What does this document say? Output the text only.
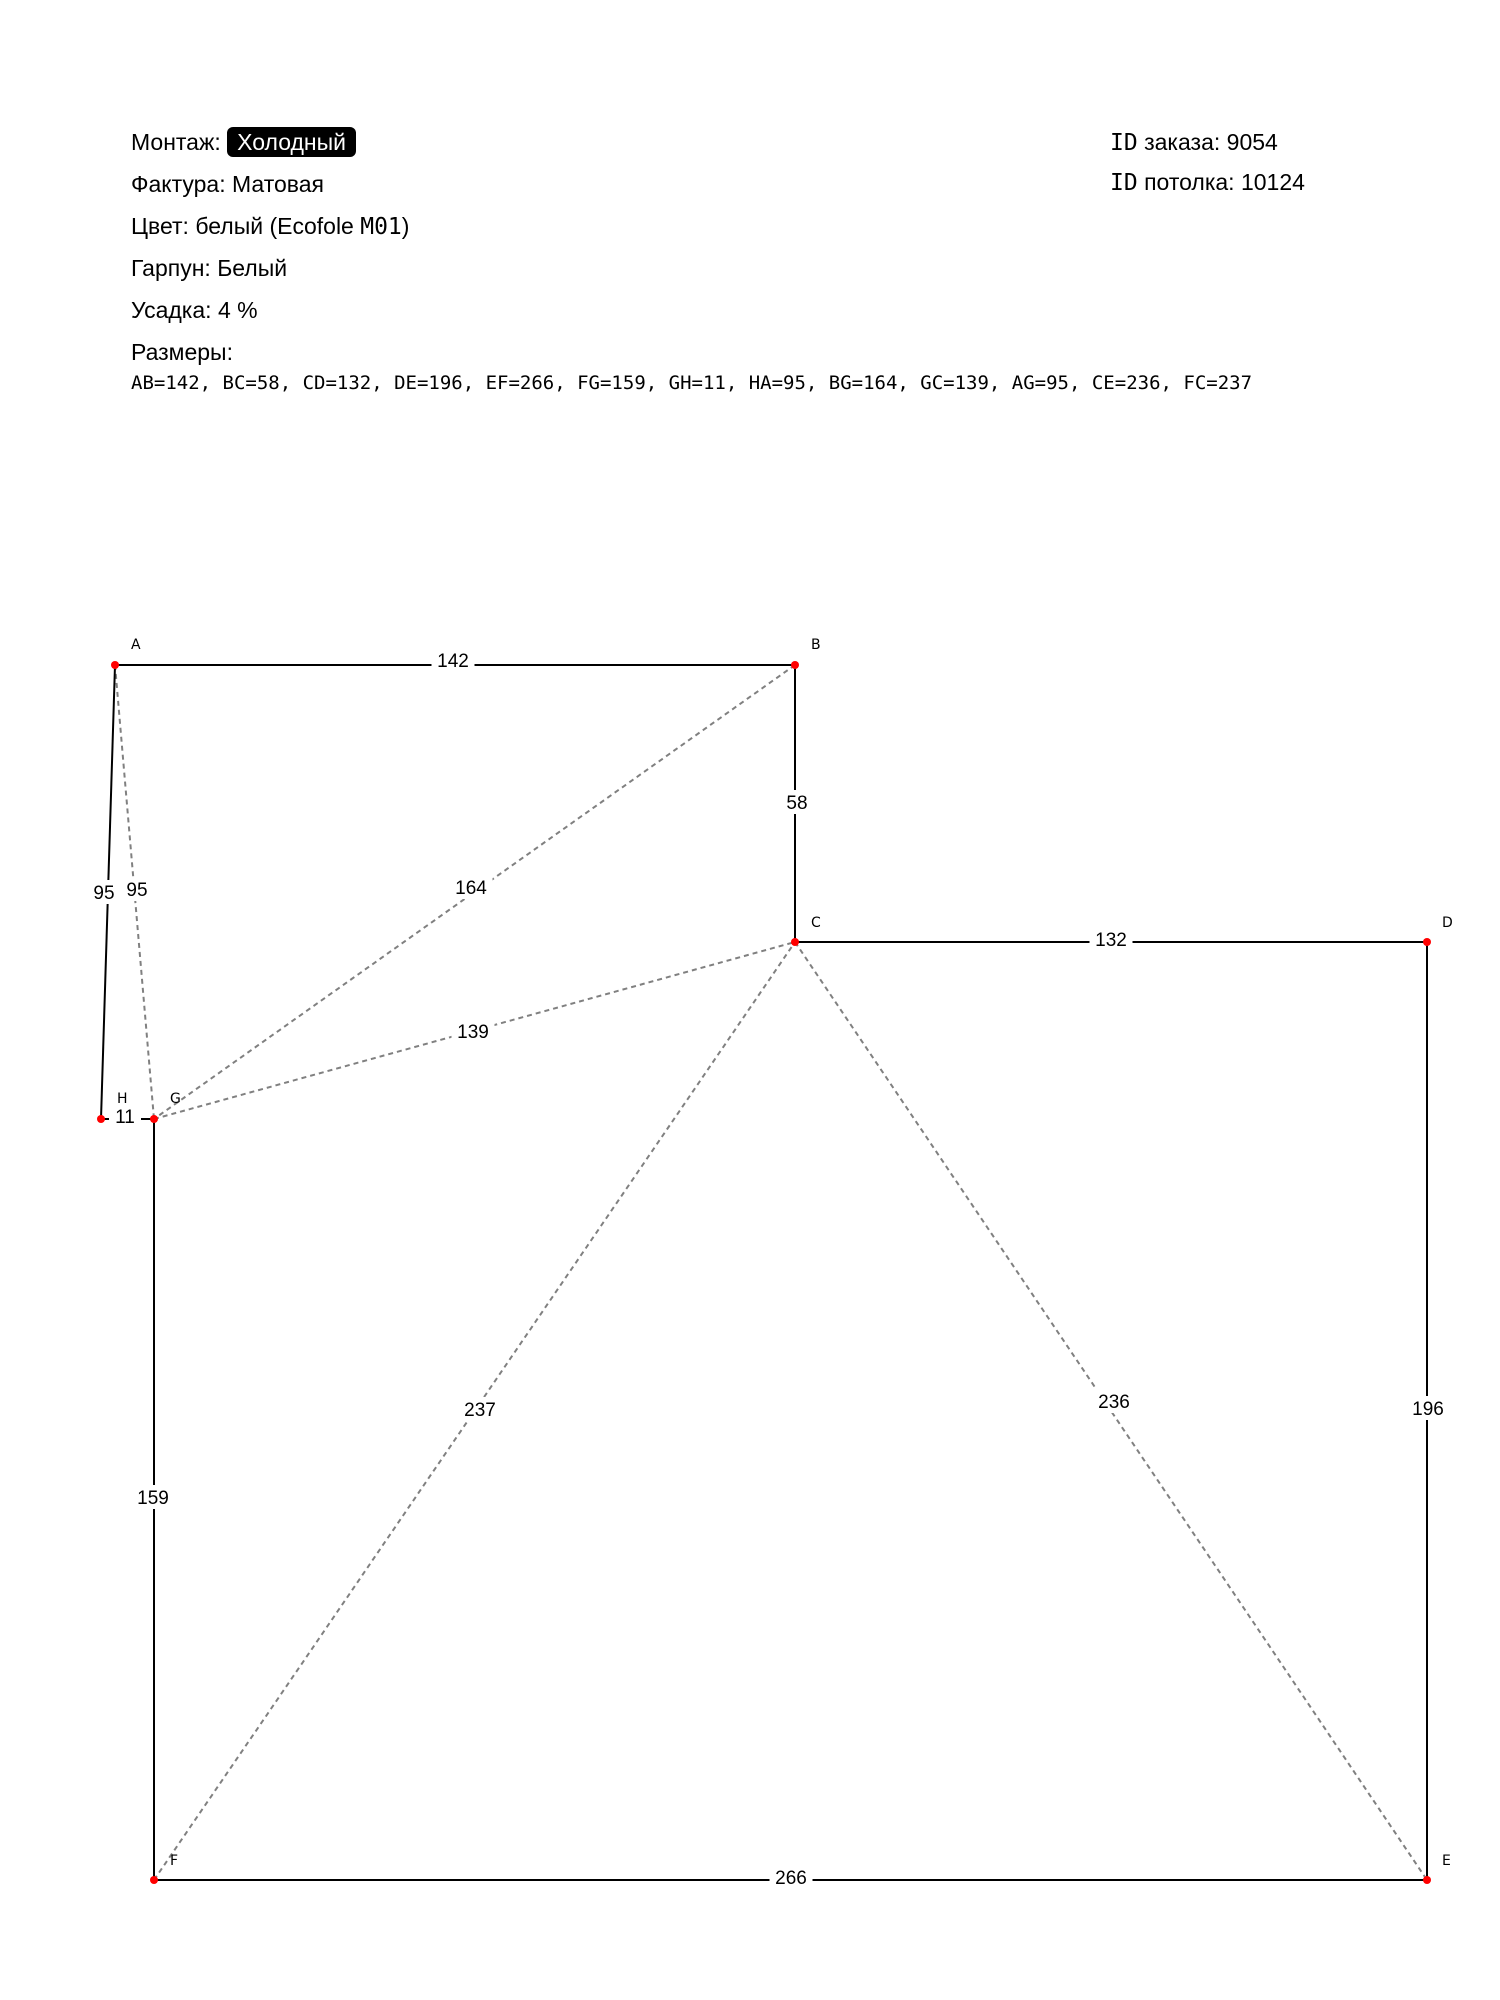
Монтаж: Холодный
Фактура: Матовая
Цвет: белый (Ecofole M01)
Гарпун: Белый
Усадка: 4 %
Размеры:
AB=142, BC=58, CD=132, DE=196, EF=266, FG=159, GH=11, HA=95, BG=164, GC=139, AG=95, CE=236, FC=237
ID заказа: 9054
ID потолка: 10124
164
139
95
236
237
142
58
132
196
266
159
11
95
A	B
C	D
E
F
G
H
